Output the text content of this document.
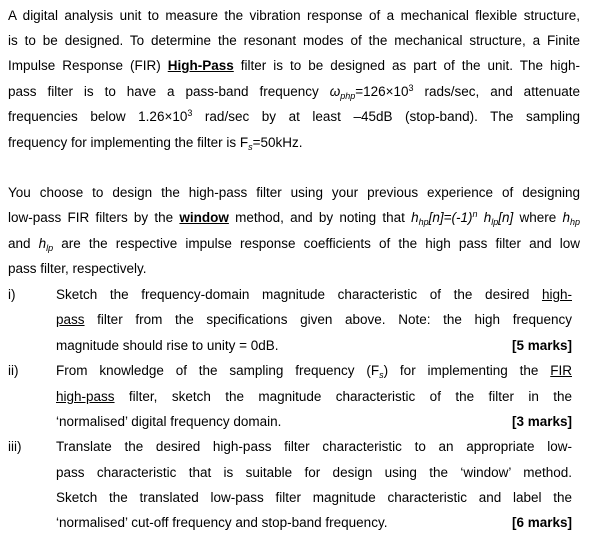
A digital analysis unit to measure the vibration response of a mechanical flexible structure,
is to be designed. To determine the resonant modes of the mechanical structure, a Finite
Impulse Response (FIR) High-Pass filter is to be designed as part of the unit. The high-
pass filter is to have a pass-band frequency $\omega_{php}=126\times 10^3$ rads/sec, and attenuate
frequencies below $1.26\times 10^3$ rad/sec by at least –45dB (stop-band). The sampling
frequency for implementing the filter is $F_s=50kHz$.
You choose to design the high-pass filter using your previous experience of designing
low-pass FIR filters by the window method, and by noting that $h_{hp}[n]=(-1)^n$ $h_{lp}[n]$ where $h_{hp}$
and $h_{lp}$ are the respective impulse response coefficients of the high pass filter and low
pass filter, respectively.
i)	Sketch the frequency-domain magnitude characteristic of the desired high-
pass filter from the specifications given above. Note: the high frequency
magnitude should rise to unity = 0dB.	[5 marks]
ii)	From knowledge of the sampling frequency $(F_s)$ for implementing the FIR
high-pass filter, sketch the magnitude characteristic of the filter in the
‘normalised’ digital frequency domain.	[3 marks]
iii)	Translate the desired high-pass filter characteristic to an appropriate low-
pass characteristic that is suitable for design using the ‘window’ method.
Sketch the translated low-pass filter magnitude characteristic and label the
‘normalised’ cut-off frequency and stop-band frequency.	[6 marks]
